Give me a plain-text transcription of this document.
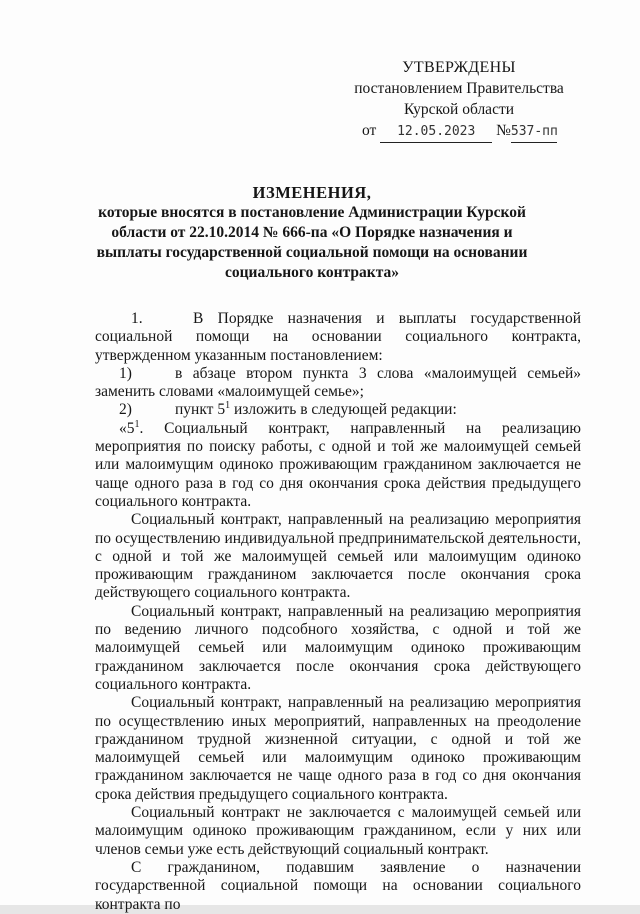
УТВЕРЖДЕНЫ
постановлением Правительства
Курской области
от 12.05.2023 №537-пп
ИЗМЕНЕНИЯ,
которые вносятся в постановление Администрации Курской области от 22.10.2014 № 666-па «О Порядке назначения и выплаты государственной социальной помощи на основании социального контракта»

1.	В Порядке назначения и выплаты государственной социальной помощи на основании социального контракта, утвержденном указанным постановлением:

1)	в абзаце втором пункта 3 слова «малоимущей семьей» заменить словами «малоимущей семье»;

2)	пункт $5^1$ изложить в следующей редакции:

«$5^1$. Социальный контракт, направленный на реализацию мероприятия по поиску работы, с одной и той же малоимущей семьей или малоимущим одиноко проживающим гражданином заключается не чаще одного раза в год со дня окончания срока действия предыдущего социального контракта.

Социальный контракт, направленный на реализацию мероприятия по осуществлению индивидуальной предпринимательской деятельности, с одной и той же малоимущей семьей или малоимущим одиноко проживающим гражданином заключается после окончания срока действующего социального контракта.

Социальный контракт, направленный на реализацию мероприятия по ведению личного подсобного хозяйства, с одной и той же малоимущей семьей или малоимущим одиноко проживающим гражданином заключается после окончания срока действующего социального контракта.

Социальный контракт, направленный на реализацию мероприятия по осуществлению иных мероприятий, направленных на преодоление гражданином трудной жизненной ситуации, с одной и той же малоимущей семьей или малоимущим одиноко проживающим гражданином заключается не чаще одного раза в год со дня окончания срока действия предыдущего социального контракта.

Социальный контракт не заключается с малоимущей семьей или малоимущим одиноко проживающим гражданином, если у них или членов семьи уже есть действующий социальный контракт.

С гражданином, подавшим заявление о назначении государственной социальной помощи на основании социального контракта по
